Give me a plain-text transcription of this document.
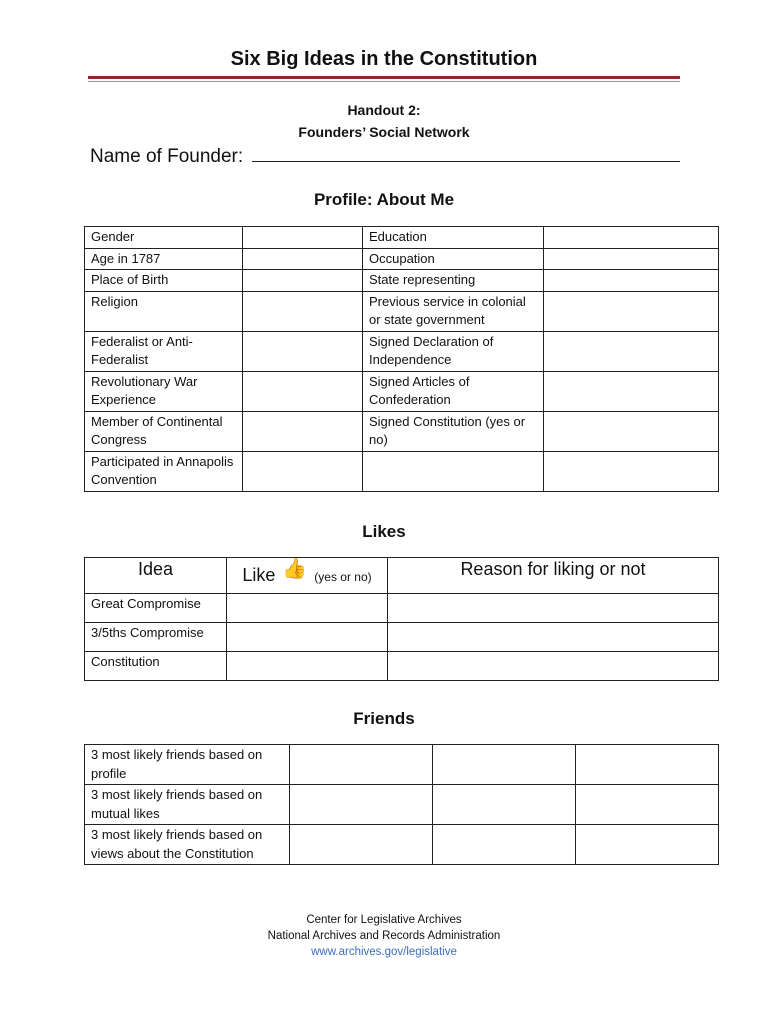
Six Big Ideas in the Constitution
Handout 2:
Founders’ Social Network
Name of Founder:
Profile: About Me
Gender		Education	
Age in 1787		Occupation	
Place of Birth		State representing	
Religion		Previous service in colonial or state government	
Federalist or Anti-Federalist		Signed Declaration of Independence	
Revolutionary War Experience		Signed Articles of Confederation	
Member of Continental Congress		Signed Constitution (yes or no)	
Participated in Annapolis Convention			
Likes
Idea	Like 👍 (yes or no)	Reason for liking or not
Great Compromise		
3/5ths Compromise		
Constitution		
Friends
3 most likely friends based on profile			
3 most likely friends based on mutual likes			
3 most likely friends based on views about the Constitution			
Center for Legislative Archives
National Archives and Records Administration
www.archives.gov/legislative
